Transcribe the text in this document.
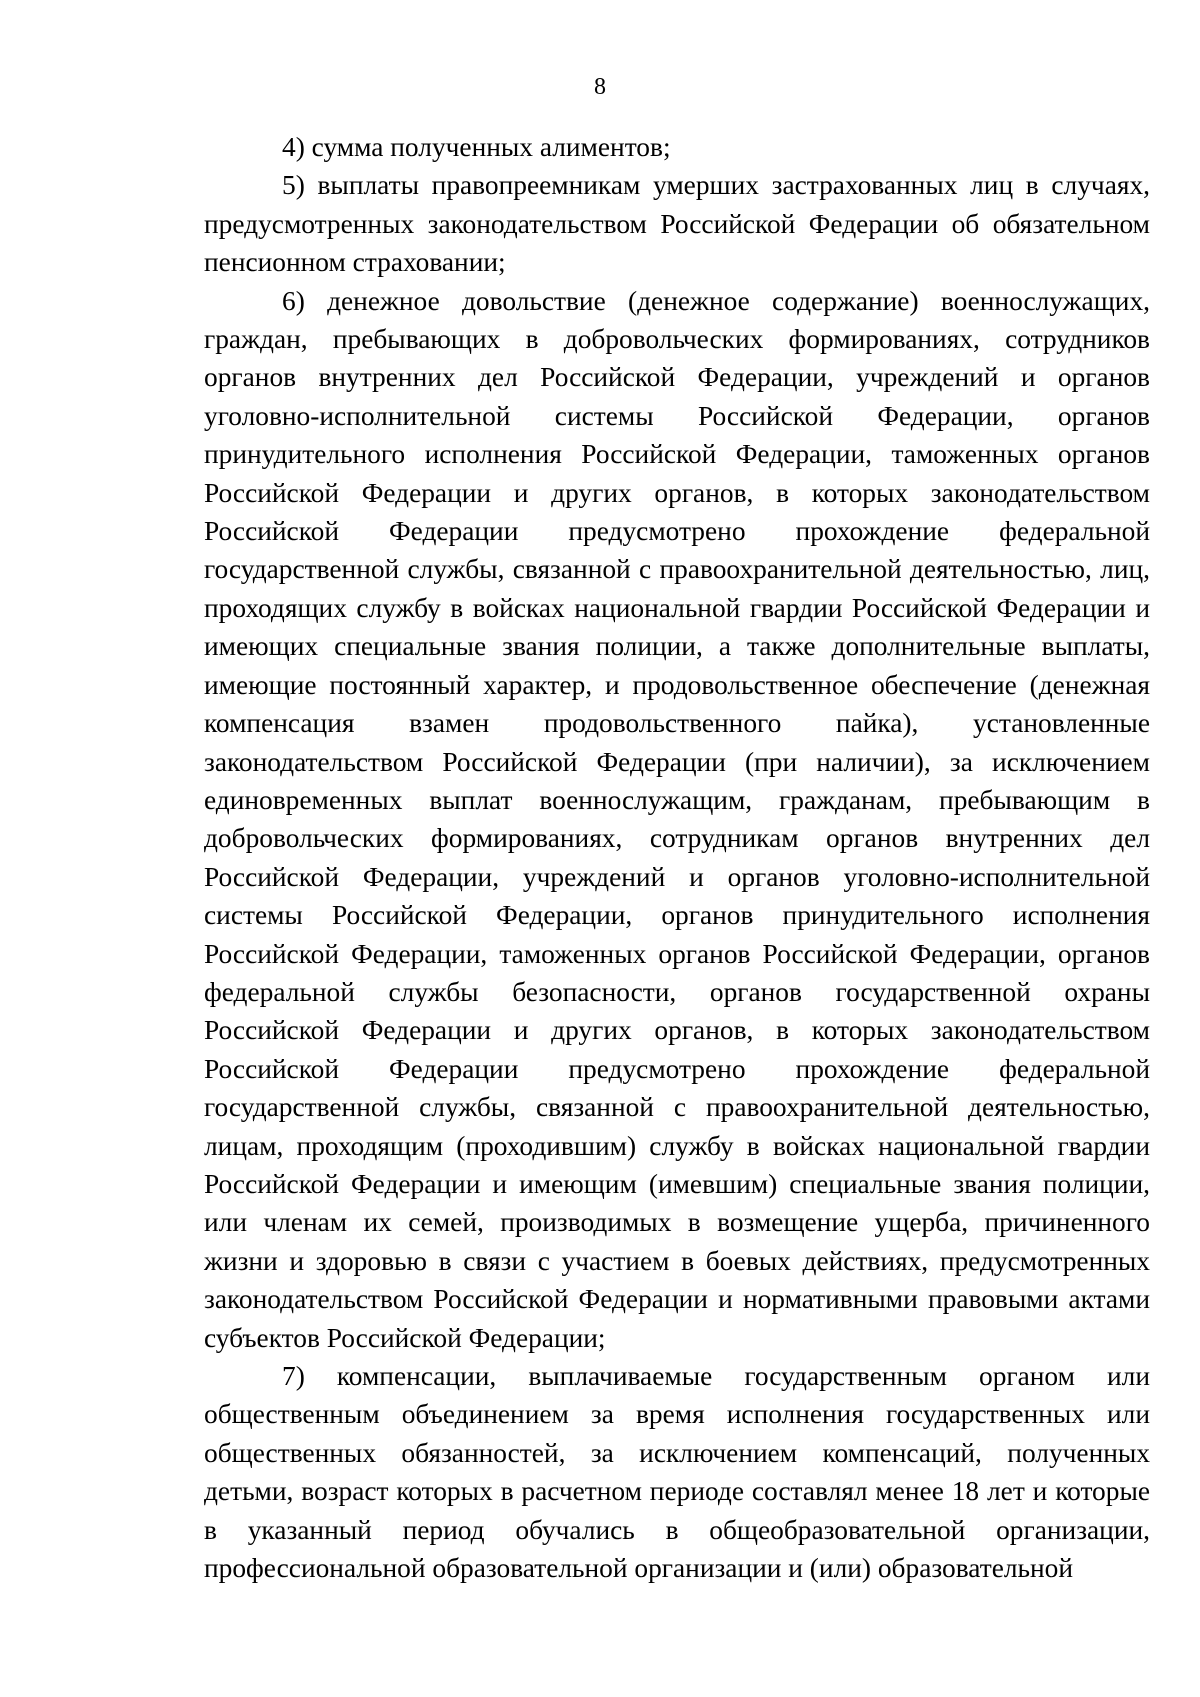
8

4) сумма полученных алиментов;

5) выплаты правопреемникам умерших застрахованных лиц в случаях, предусмотренных законодательством Российской Федерации об обязательном пенсионном страховании;

6) денежное довольствие (денежное содержание) военнослужащих, граждан, пребывающих в добровольческих формированиях, сотрудников органов внутренних дел Российской Федерации, учреждений и органов уголовно-исполнительной системы Российской Федерации, органов принудительного исполнения Российской Федерации, таможенных органов Российской Федерации и других органов, в которых законодательством Российской Федерации предусмотрено прохождение федеральной государственной службы, связанной с правоохранительной деятельностью, лиц, проходящих службу в войсках национальной гвардии Российской Федерации и имеющих специальные звания полиции, а также дополнительные выплаты, имеющие постоянный характер, и продовольственное обеспечение (денежная компенсация взамен продовольственного пайка), установленные законодательством Российской Федерации (при наличии), за исключением единовременных выплат военнослужащим, гражданам, пребывающим в добровольческих формированиях, сотрудникам органов внутренних дел Российской Федерации, учреждений и органов уголовно-исполнительной системы Российской Федерации, органов принудительного исполнения Российской Федерации, таможенных органов Российской Федерации, органов федеральной службы безопасности, органов государственной охраны Российской Федерации и других органов, в которых законодательством Российской Федерации предусмотрено прохождение федеральной государственной службы, связанной с правоохранительной деятельностью, лицам, проходящим (проходившим) службу в войсках национальной гвардии Российской Федерации и имеющим (имевшим) специальные звания полиции, или членам их семей, производимых в возмещение ущерба, причиненного жизни и здоровью в связи с участием в боевых действиях, предусмотренных законодательством Российской Федерации и нормативными правовыми актами субъектов Российской Федерации;

7) компенсации, выплачиваемые государственным органом или общественным объединением за время исполнения государственных или общественных обязанностей, за исключением компенсаций, полученных детьми, возраст которых в расчетном периоде составлял менее 18 лет и которые в указанный период обучались в общеобразовательной организации, профессиональной образовательной организации и (или) образовательной
